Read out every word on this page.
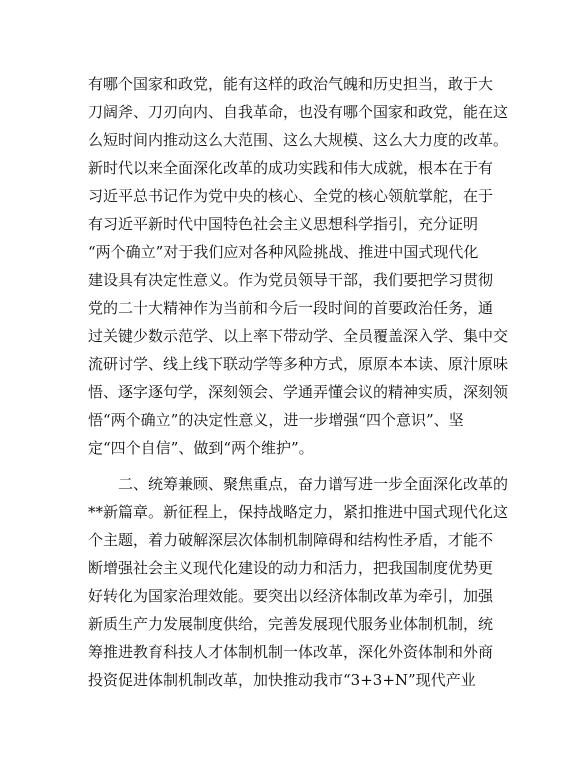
有哪个国家和政党，能有这样的政治气魄和历史担当，敢于大
刀阔斧、刀刃向内、自我革命，也没有哪个国家和政党，能在这
么短时间内推动这么大范围、这么大规模、这么大力度的改革。
新时代以来全面深化改革的成功实践和伟大成就，根本在于有
习近平总书记作为党中央的核心、全党的核心领航掌舵，在于
有习近平新时代中国特色社会主义思想科学指引，充分证明
“两个确立”对于我们应对各种风险挑战、推进中国式现代化
建设具有决定性意义。作为党员领导干部，我们要把学习贯彻
党的二十大精神作为当前和今后一段时间的首要政治任务，通
过关键少数示范学、以上率下带动学、全员覆盖深入学、集中交
流研讨学、线上线下联动学等多种方式，原原本本读、原汁原味
悟、逐字逐句学，深刻领会、学通弄懂会议的精神实质，深刻领
悟“两个确立”的决定性意义，进一步增强“四个意识”、坚
定“四个自信”、做到“两个维护”。
二、统筹兼顾、聚焦重点，奋力谱写进一步全面深化改革的
**新篇章。新征程上，保持战略定力，紧扣推进中国式现代化这
个主题，着力破解深层次体制机制障碍和结构性矛盾，才能不
断增强社会主义现代化建设的动力和活力，把我国制度优势更
好转化为国家治理效能。要突出以经济体制改革为牵引，加强
新质生产力发展制度供给，完善发展现代服务业体制机制，统
筹推进教育科技人才体制机制一体改革，深化外资体制和外商
投资促进体制机制改革，加快推动我市“3+3+N”现代产业
